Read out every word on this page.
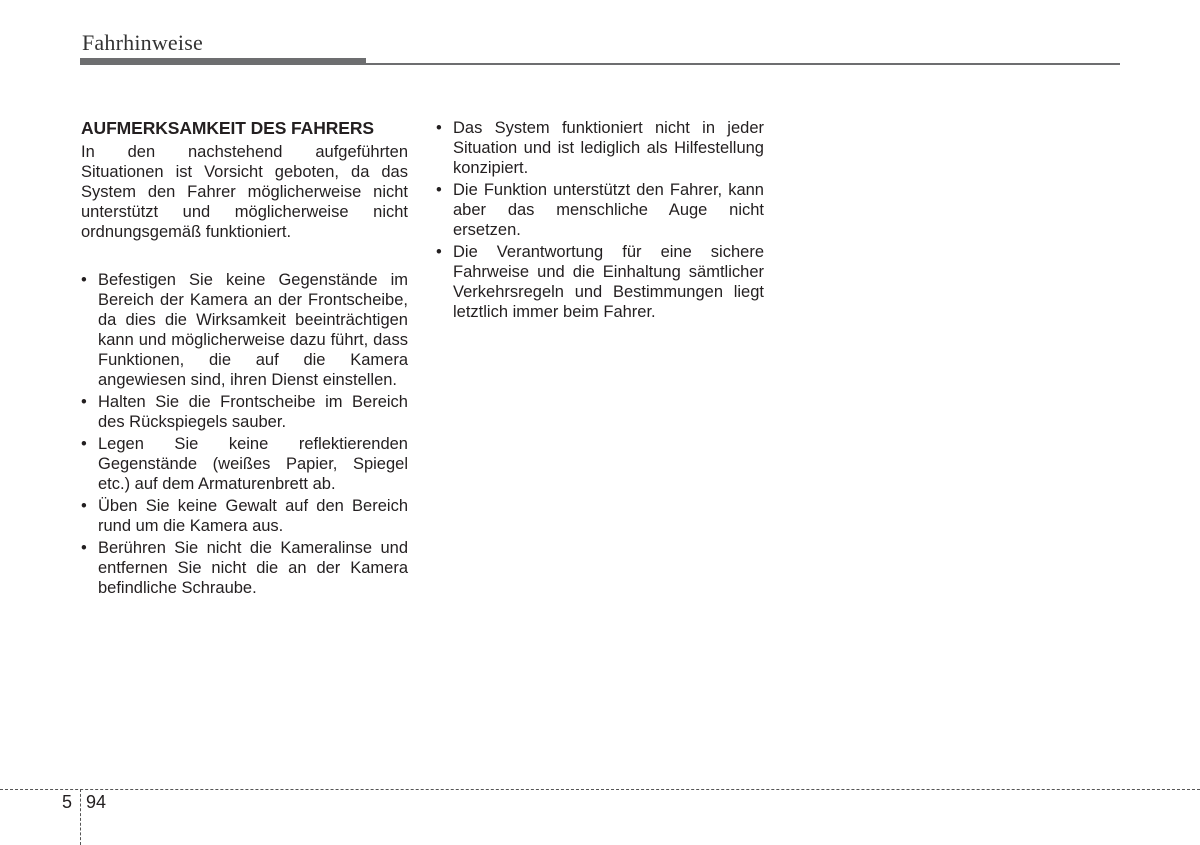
Fahrhinweise
AUFMERKSAMKEIT DES FAHRERS
In den nachstehend aufgeführten Situationen ist Vorsicht geboten, da das System den Fahrer möglicherweise nicht unterstützt und möglicherweise nicht ordnungsgemäß funktioniert.
• Befestigen Sie keine Gegenstände im Bereich der Kamera an der Frontscheibe, da dies die Wirksamkeit beeinträchtigen kann und möglicherweise dazu führt, dass Funktionen, die auf die Kamera angewiesen sind, ihren Dienst einstellen.
• Halten Sie die Frontscheibe im Bereich des Rückspiegels sauber.
• Legen Sie keine reflektierenden Gegenstände (weißes Papier, Spiegel etc.) auf dem Armaturenbrett ab.
• Üben Sie keine Gewalt auf den Bereich rund um die Kamera aus.
• Berühren Sie nicht die Kameralinse und entfernen Sie nicht die an der Kamera befindliche Schraube.
• Das System funktioniert nicht in jeder Situation und ist lediglich als Hilfestellung konzipiert.
• Die Funktion unterstützt den Fahrer, kann aber das menschliche Auge nicht ersetzen.
• Die Verantwortung für eine sichere Fahrweise und die Einhaltung sämtlicher Verkehrsregeln und Bestimmungen liegt letztlich immer beim Fahrer.
5 94
